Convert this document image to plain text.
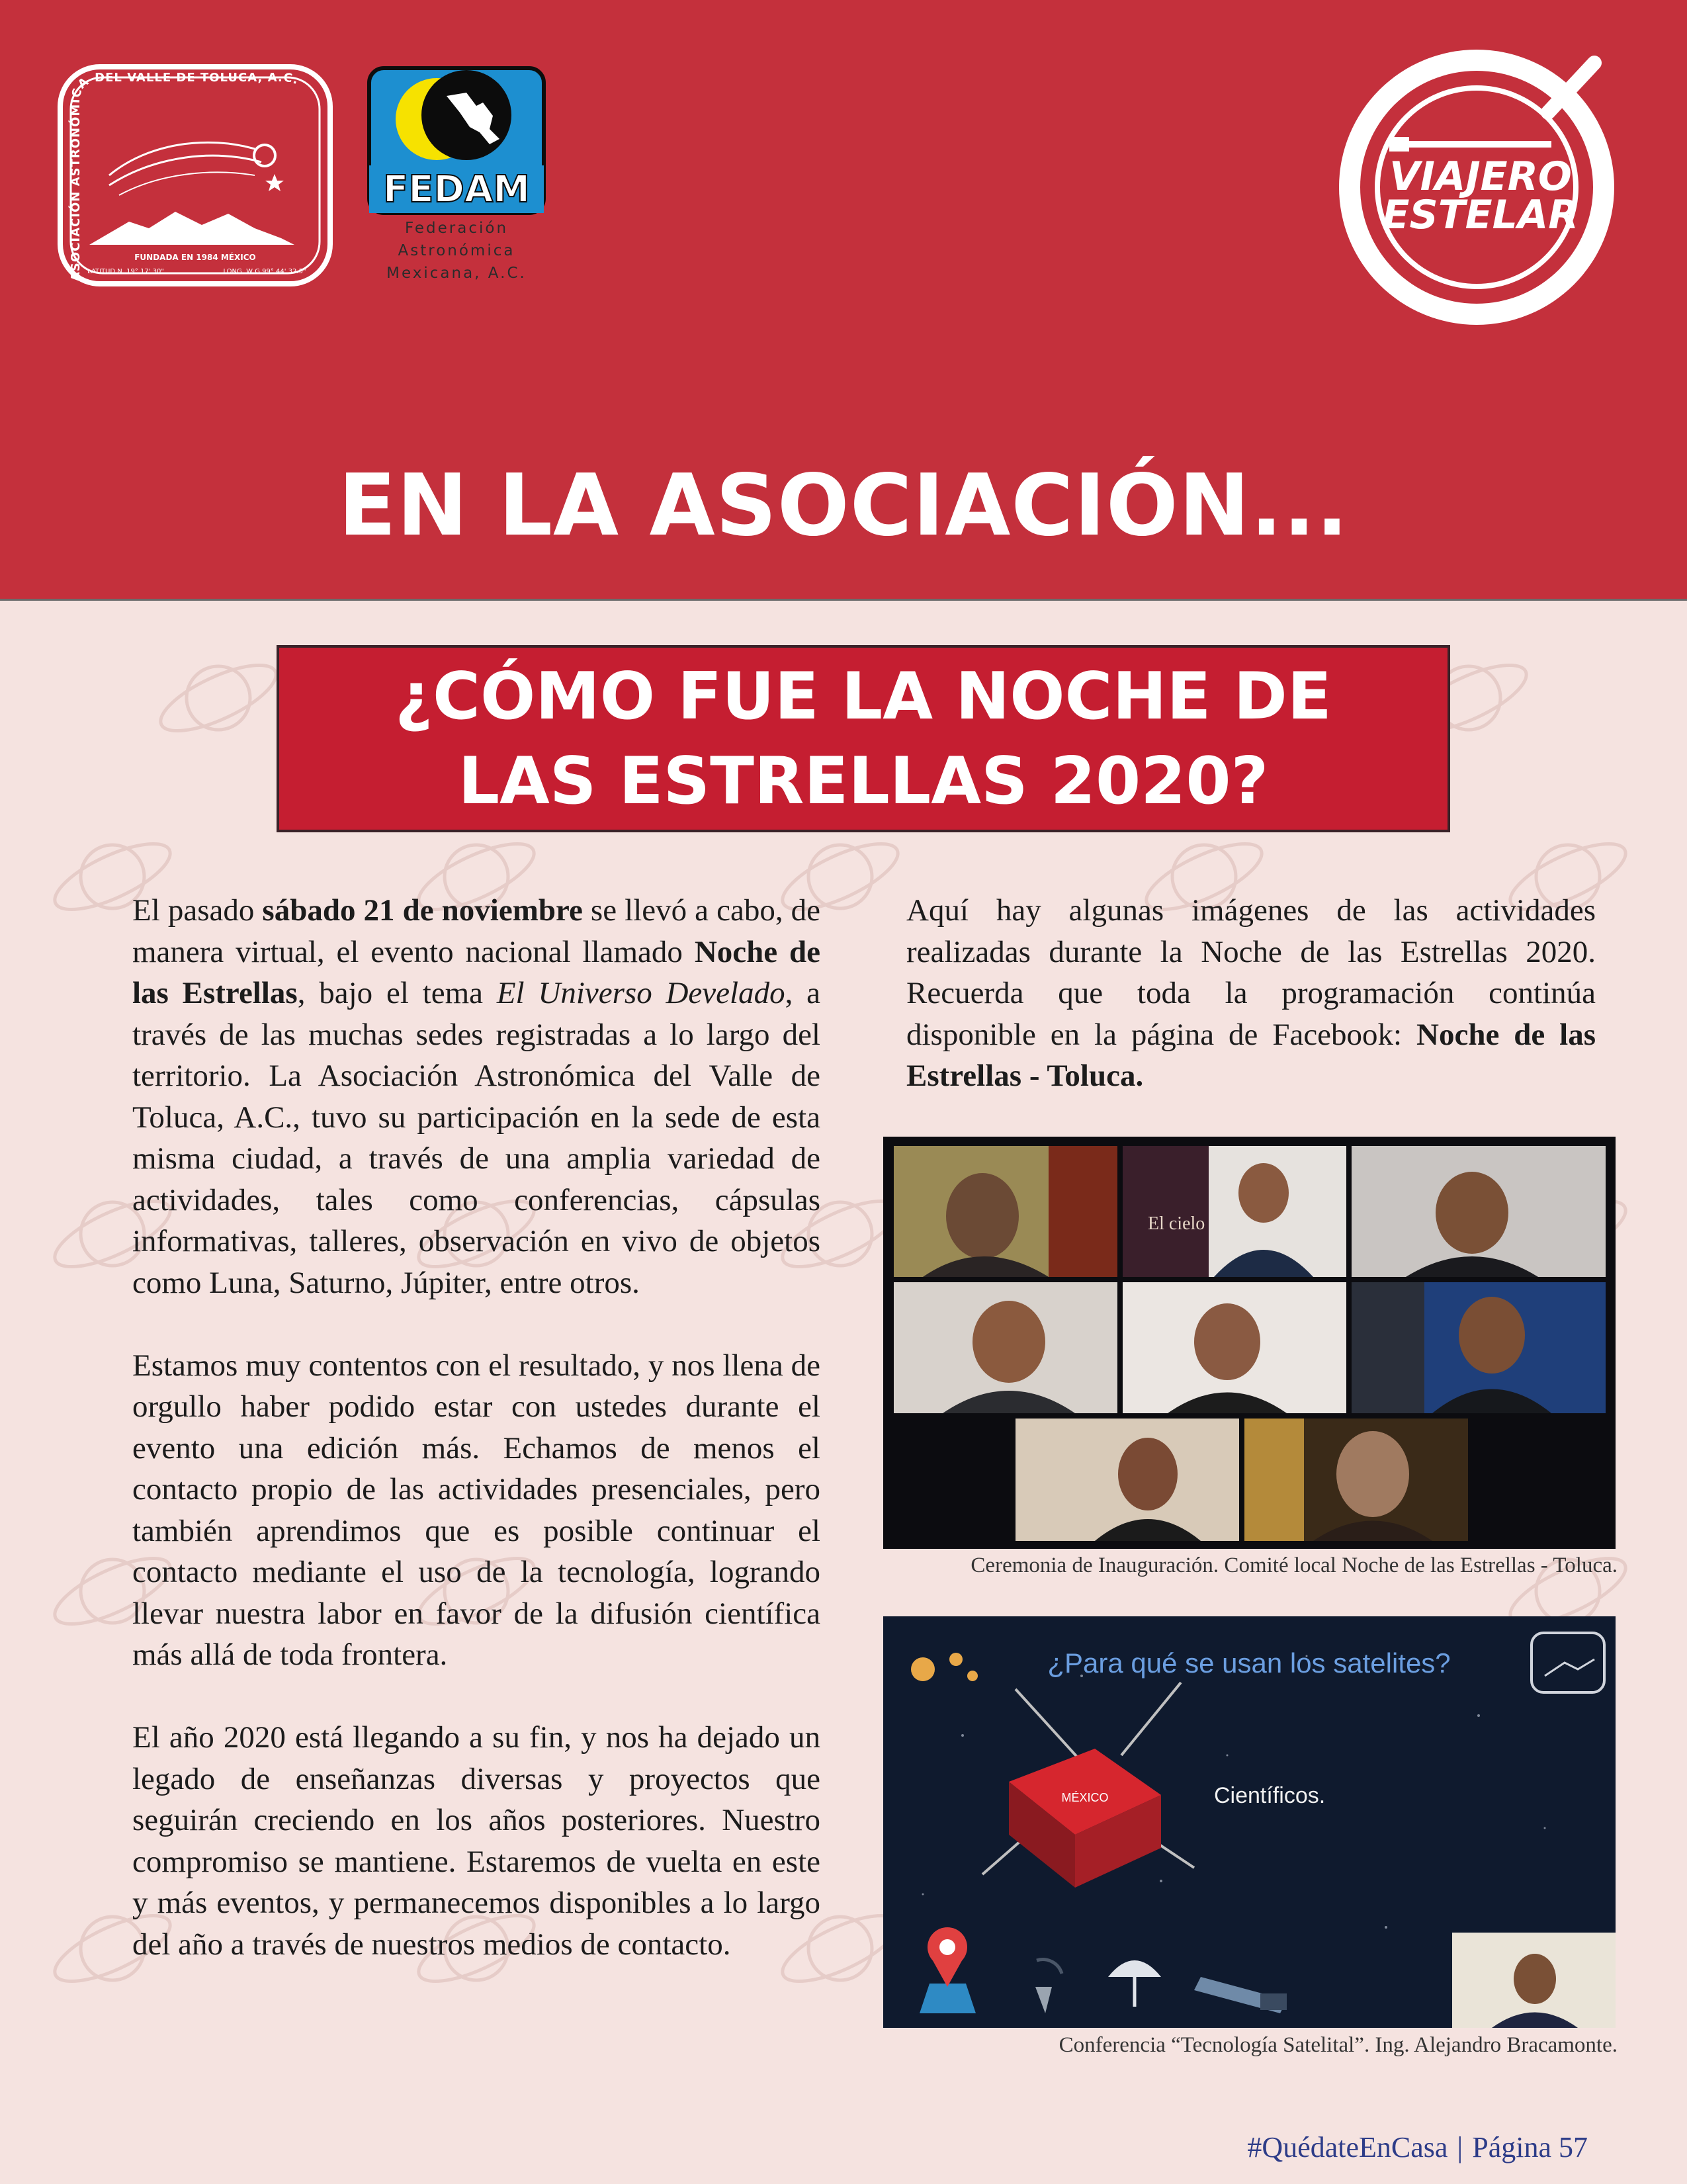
ASOCIACIÓN ASTRONÓMICA DEL VALLE DE TOLUCA, A.C.
FUNDADA EN 1984 MÉXICO
LATITUD N. 19° 17' 30"	LONG. W G 99° 44' 32.5"
FEDAM
Federación
Astronómica
Mexicana, A.C.
VIAJERO
ESTELAR
EN LA ASOCIACIÓN...
¿CÓMO FUE LA NOCHE DE LAS ESTRELLAS 2020?

El pasado sábado 21 de noviembre se llevó a cabo, de manera virtual, el evento nacional llamado Noche de las Estrellas, bajo el tema El Universo Develado, a través de las muchas sedes registradas a lo largo del territorio. La Asociación Astronómica del Valle de Toluca, A.C., tuvo su participación en la sede de esta misma ciudad, a través de una amplia variedad de actividades, tales como conferencias, cápsulas informativas, talleres, observación en vivo de objetos como Luna, Saturno, Júpiter, entre otros.

Estamos muy contentos con el resultado, y nos llena de orgullo haber podido estar con ustedes durante el evento una edición más. Echamos de menos el contacto propio de las actividades presenciales, pero también aprendimos que es posible continuar el contacto mediante el uso de la tecnología, logrando llevar nuestra labor en favor de la difusión científica más allá de toda frontera.

El año 2020 está llegando a su fin, y nos ha dejado un legado de enseñanzas diversas y proyectos que seguirán creciendo en los años posteriores. Nuestro compromiso se mantiene. Estaremos de vuelta en este y más eventos, y permanecemos disponibles a lo largo del año a través de nuestros medios de contacto.

Aquí hay algunas imágenes de las actividades realizadas durante la Noche de las Estrellas 2020. Recuerda que toda la programación continúa disponible en la página de Facebook: Noche de las Estrellas - Toluca.

El cielo
Ceremonia de Inauguración. Comité local Noche de las Estrellas - Toluca.
¿Para qué se usan los satelites?
MÉXICO	Científicos.
Conferencia “Tecnología Satelital”. Ing. Alejandro Bracamonte.
#QuédateEnCasa | Página 57
